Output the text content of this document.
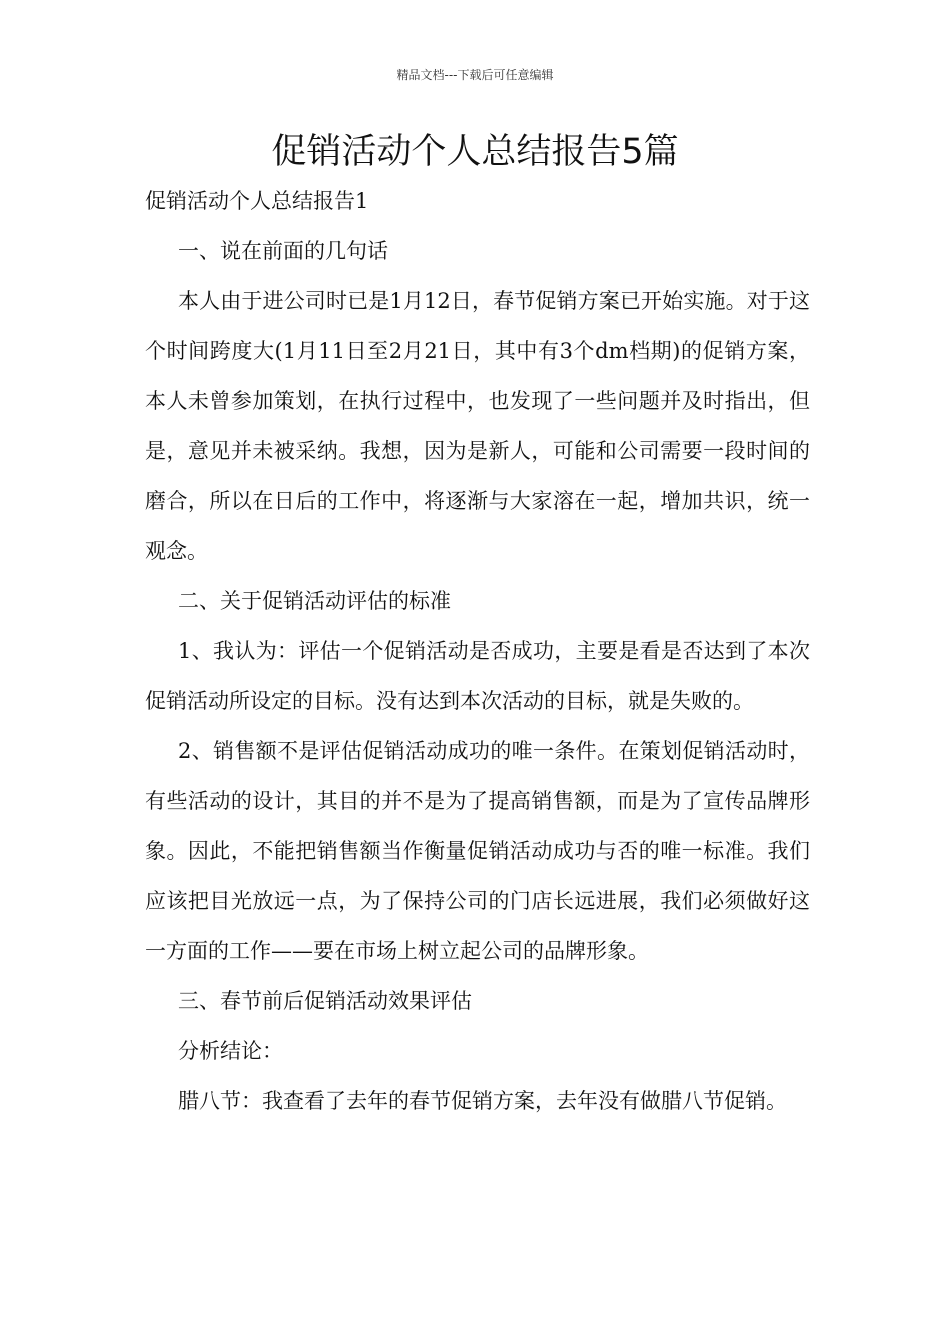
精品文档---下载后可任意编辑
促销活动个人总结报告5篇

促销活动个人总结报告1

一、说在前面的几句话

本人由于进公司时已是1月12日，春节促销方案已开始实施。对于这个时间跨度大(1月11日至2月21日，其中有3个dm档期)的促销方案，本人未曾参加策划，在执行过程中，也发现了一些问题并及时指出，但是，意见并未被采纳。我想，因为是新人，可能和公司需要一段时间的磨合，所以在日后的工作中，将逐渐与大家溶在一起，增加共识，统一观念。

二、关于促销活动评估的标准

1、我认为：评估一个促销活动是否成功，主要是看是否达到了本次促销活动所设定的目标。没有达到本次活动的目标，就是失败的。

2、销售额不是评估促销活动成功的唯一条件。在策划促销活动时，有些活动的设计，其目的并不是为了提高销售额，而是为了宣传品牌形象。因此，不能把销售额当作衡量促销活动成功与否的唯一标准。我们应该把目光放远一点，为了保持公司的门店长远进展，我们必须做好这一方面的工作——要在市场上树立起公司的品牌形象。

三、春节前后促销活动效果评估

分析结论：

腊八节：我查看了去年的春节促销方案，去年没有做腊八节促销。
